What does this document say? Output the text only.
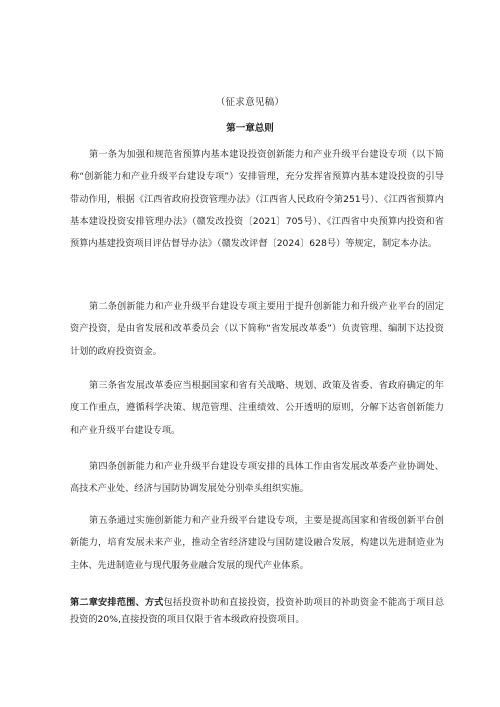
（征求意见稿）
第一章总则

第一条为加强和规范省预算内基本建设投资创新能力和产业升级平台建设专项（以下简称“创新能力和产业升级平台建设专项”）安排管理，充分发挥省预算内基本建设投资的引导带动作用，根据《江西省政府投资管理办法》（江西省人民政府令第251号）、《江西省预算内基本建设投资安排管理办法》（赣发改投资〔2021〕705号）、《江西省中央预算内投资和省预算内基建投资项目评估督导办法》（赣发改评督〔2024〕628号）等规定，制定本办法。

第二条创新能力和产业升级平台建设专项主要用于提升创新能力和升级产业平台的固定资产投资，是由省发展和改革委员会（以下简称“省发展改革委”）负责管理、编制下达投资计划的政府投资资金。

第三条省发展改革委应当根据国家和省有关战略、规划、政策及省委、省政府确定的年度工作重点，遵循科学决策、规范管理、注重绩效、公开透明的原则，分解下达省创新能力和产业升级平台建设专项。

第四条创新能力和产业升级平台建设专项安排的具体工作由省发展改革委产业协调处、高技术产业处、经济与国防协调发展处分别牵头组织实施。

第五条通过实施创新能力和产业升级平台建设专项，主要是提高国家和省级创新平台创新能力，培育发展未来产业，推动全省经济建设与国防建设融合发展，构建以先进制造业为主体、先进制造业与现代服务业融合发展的现代产业体系。

第二章安排范围、方式包括投资补助和直接投资，投资补助项目的补助资金不能高于项目总投资的20%,直接投资的项目仅限于省本级政府投资项目。
